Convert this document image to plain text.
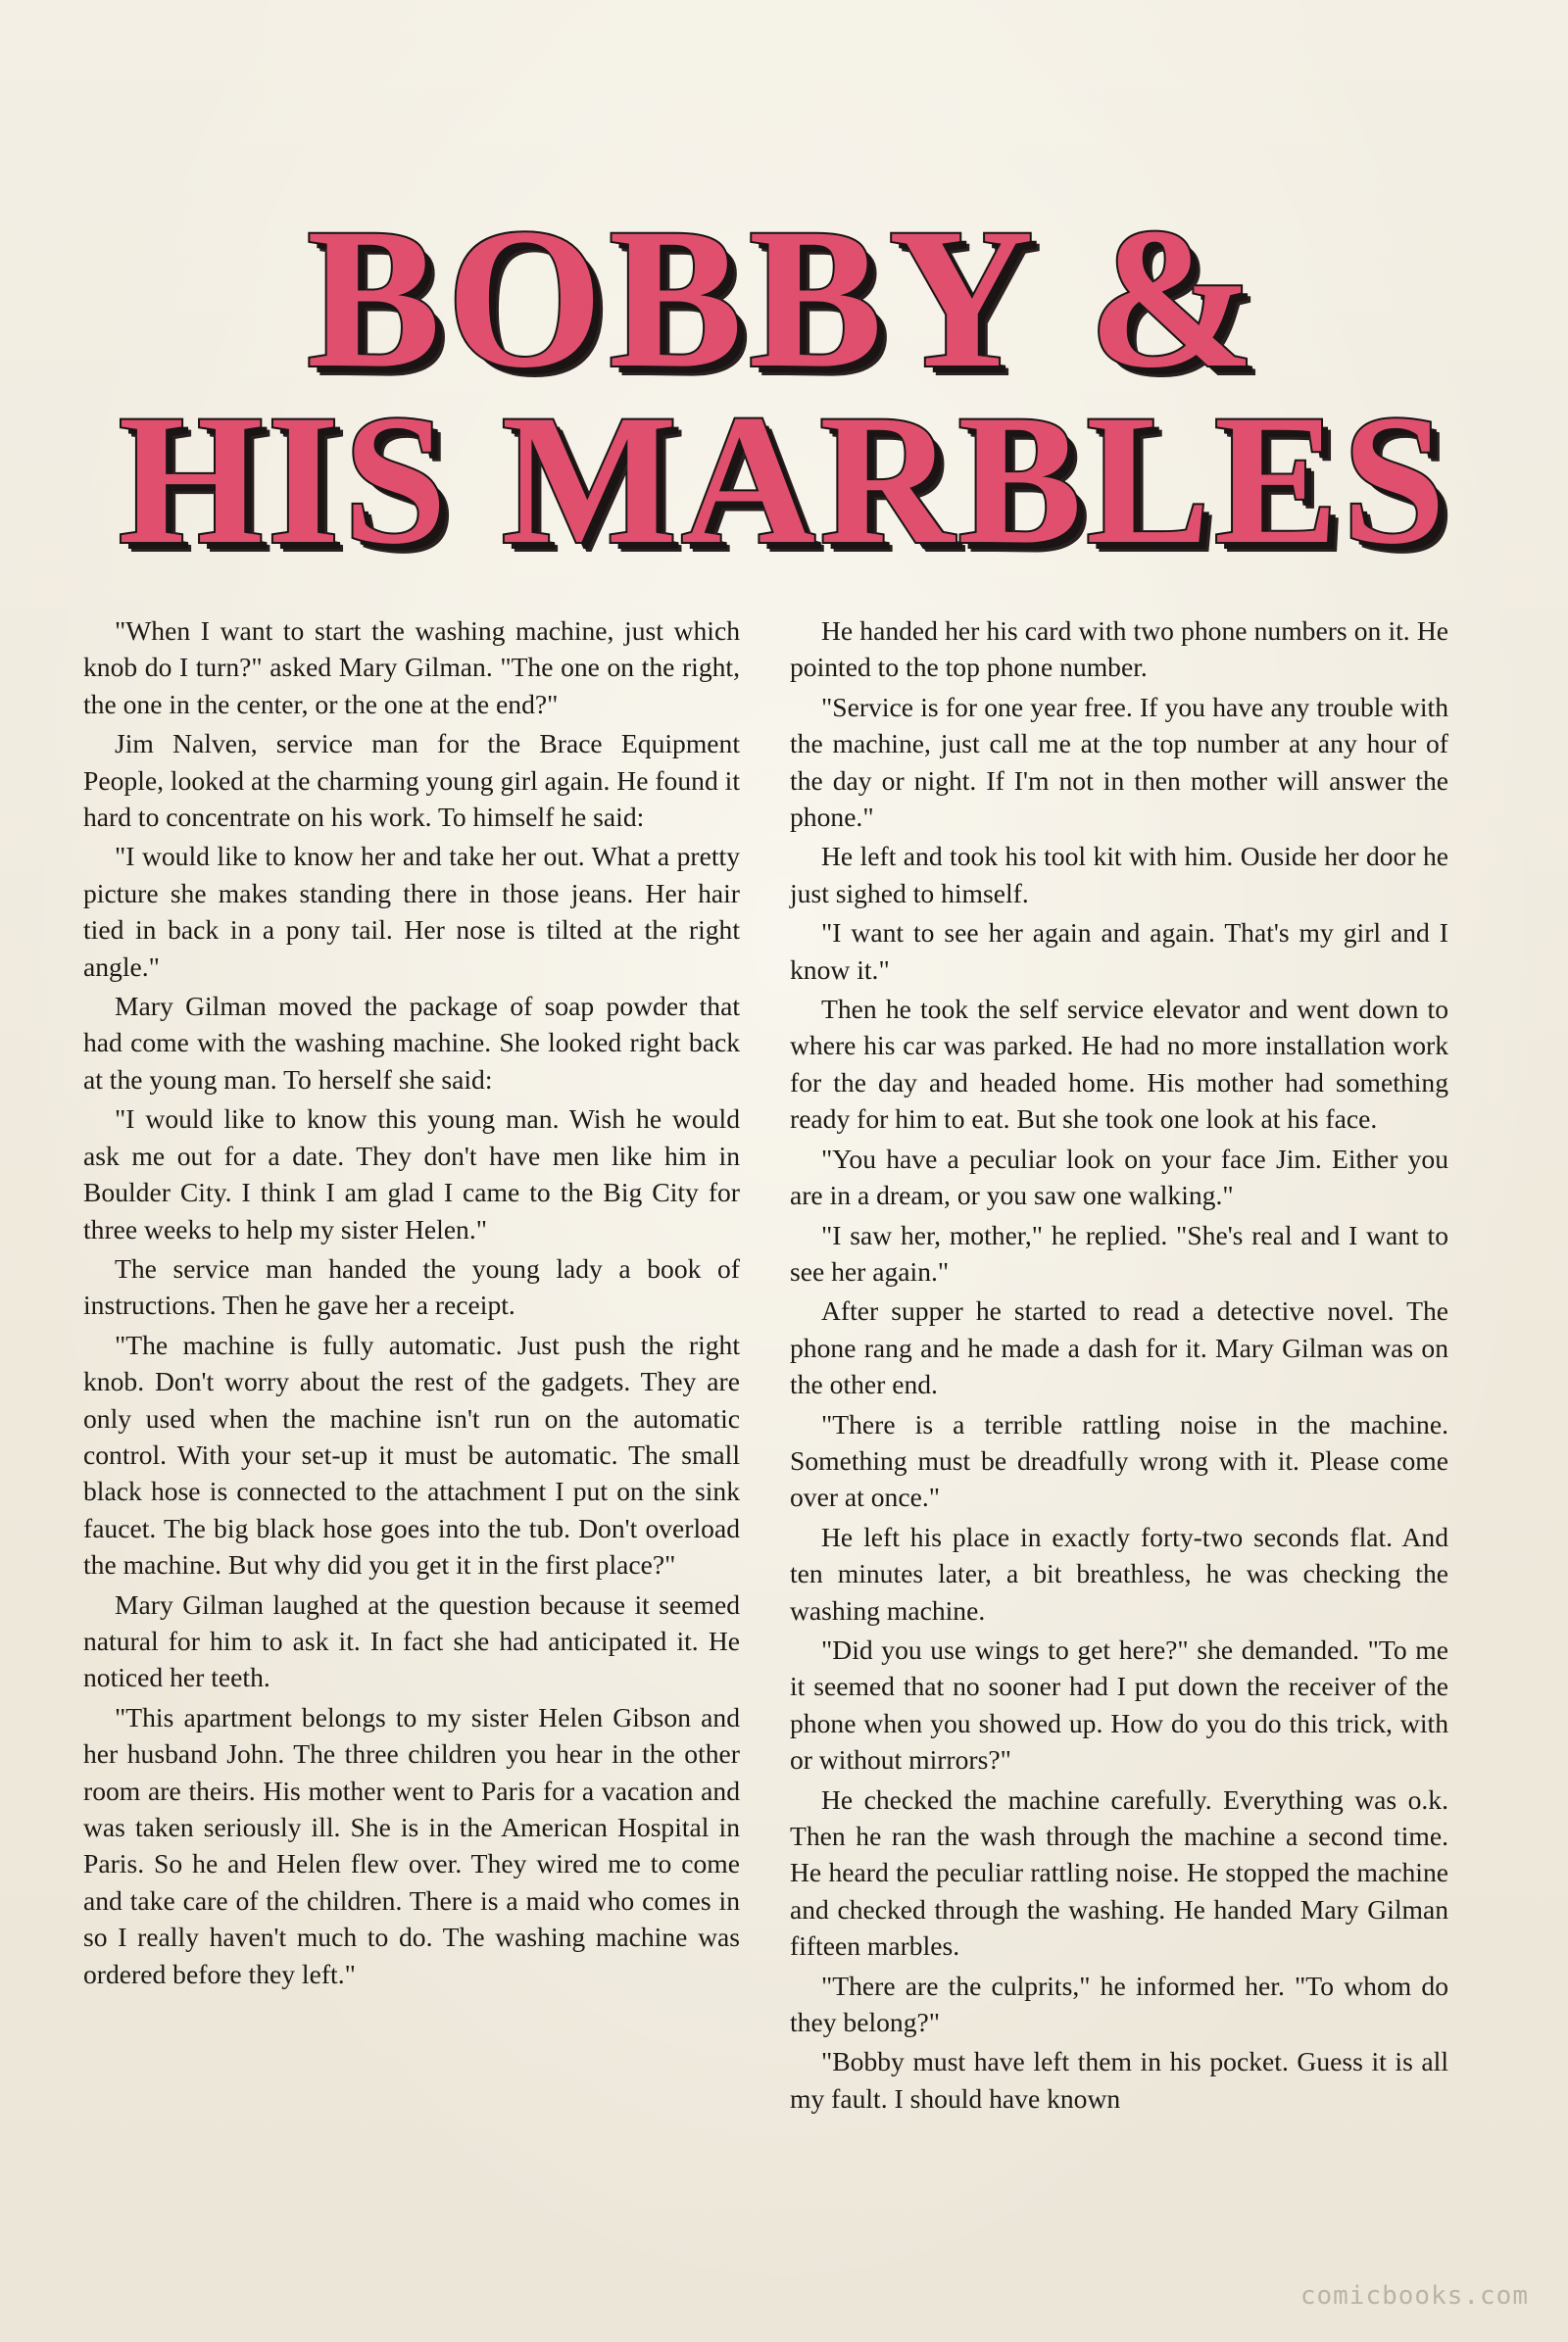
BOBBY &
HIS MARBLES

"When I want to start the washing machine, just which knob do I turn?" asked Mary Gilman. "The one on the right, the one in the center, or the one at the end?"

Jim Nalven, service man for the Brace Equipment People, looked at the charming young girl again. He found it hard to concentrate on his work. To himself he said:

"I would like to know her and take her out. What a pretty picture she makes standing there in those jeans. Her hair tied in back in a pony tail. Her nose is tilted at the right angle."

Mary Gilman moved the package of soap powder that had come with the washing machine. She looked right back at the young man. To herself she said:

"I would like to know this young man. Wish he would ask me out for a date. They don't have men like him in Boulder City. I think I am glad I came to the Big City for three weeks to help my sister Helen."

The service man handed the young lady a book of instructions. Then he gave her a receipt.

"The machine is fully automatic. Just push the right knob. Don't worry about the rest of the gadgets. They are only used when the machine isn't run on the automatic control. With your set-up it must be automatic. The small black hose is connected to the attachment I put on the sink faucet. The big black hose goes into the tub. Don't overload the machine. But why did you get it in the first place?"

Mary Gilman laughed at the question because it seemed natural for him to ask it. In fact she had anticipated it. He noticed her teeth.

"This apartment belongs to my sister Helen Gibson and her husband John. The three children you hear in the other room are theirs. His mother went to Paris for a vacation and was taken seriously ill. She is in the American Hospital in Paris. So he and Helen flew over. They wired me to come and take care of the children. There is a maid who comes in so I really haven't much to do. The washing machine was ordered before they left."

He handed her his card with two phone numbers on it. He pointed to the top phone number.

"Service is for one year free. If you have any trouble with the machine, just call me at the top number at any hour of the day or night. If I'm not in then mother will answer the phone."

He left and took his tool kit with him. Ouside her door he just sighed to himself.

"I want to see her again and again. That's my girl and I know it."

Then he took the self service elevator and went down to where his car was parked. He had no more installation work for the day and headed home. His mother had something ready for him to eat. But she took one look at his face.

"You have a peculiar look on your face Jim. Either you are in a dream, or you saw one walking."

"I saw her, mother," he replied. "She's real and I want to see her again."

After supper he started to read a detective novel. The phone rang and he made a dash for it. Mary Gilman was on the other end.

"There is a terrible rattling noise in the machine. Something must be dreadfully wrong with it. Please come over at once."

He left his place in exactly forty-two seconds flat. And ten minutes later, a bit breathless, he was checking the washing machine.

"Did you use wings to get here?" she demanded. "To me it seemed that no sooner had I put down the receiver of the phone when you showed up. How do you do this trick, with or without mirrors?"

He checked the machine carefully. Everything was o.k. Then he ran the wash through the machine a second time. He heard the peculiar rattling noise. He stopped the machine and checked through the washing. He handed Mary Gilman fifteen marbles.

"There are the culprits," he informed her. "To whom do they belong?"

"Bobby must have left them in his pocket. Guess it is all my fault. I should have known

comicbooks.com
